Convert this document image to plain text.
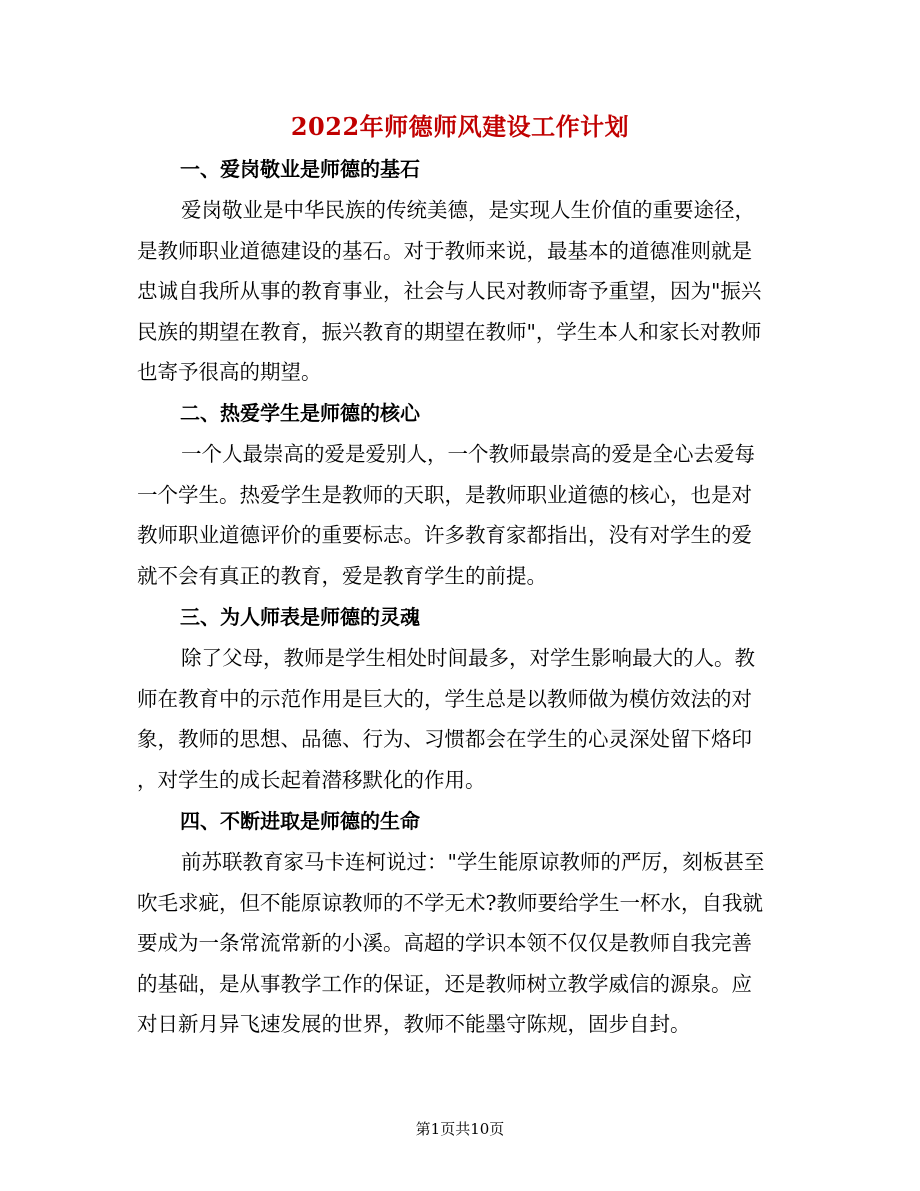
2022年师德师风建设工作计划
一、爱岗敬业是师德的基石
爱岗敬业是中华民族的传统美德，是实现人生价值的重要途径，
是教师职业道德建设的基石。对于教师来说，最基本的道德准则就是
忠诚自我所从事的教育事业，社会与人民对教师寄予重望，因为"振兴
民族的期望在教育，振兴教育的期望在教师"，学生本人和家长对教师
也寄予很高的期望。
二、热爱学生是师德的核心
一个人最崇高的爱是爱别人，一个教师最崇高的爱是全心去爱每
一个学生。热爱学生是教师的天职，是教师职业道德的核心，也是对
教师职业道德评价的重要标志。许多教育家都指出，没有对学生的爱
就不会有真正的教育，爱是教育学生的前提。
三、为人师表是师德的灵魂
除了父母，教师是学生相处时间最多，对学生影响最大的人。教
师在教育中的示范作用是巨大的，学生总是以教师做为模仿效法的对
象，教师的思想、品德、行为、习惯都会在学生的心灵深处留下烙印
，对学生的成长起着潜移默化的作用。
四、不断进取是师德的生命
前苏联教育家马卡连柯说过："学生能原谅教师的严厉，刻板甚至
吹毛求疵，但不能原谅教师的不学无术?教师要给学生一杯水，自我就
要成为一条常流常新的小溪。高超的学识本领不仅仅是教师自我完善
的基础，是从事教学工作的保证，还是教师树立教学威信的源泉。应
对日新月异飞速发展的世界，教师不能墨守陈规，固步自封。
第1页共10页
